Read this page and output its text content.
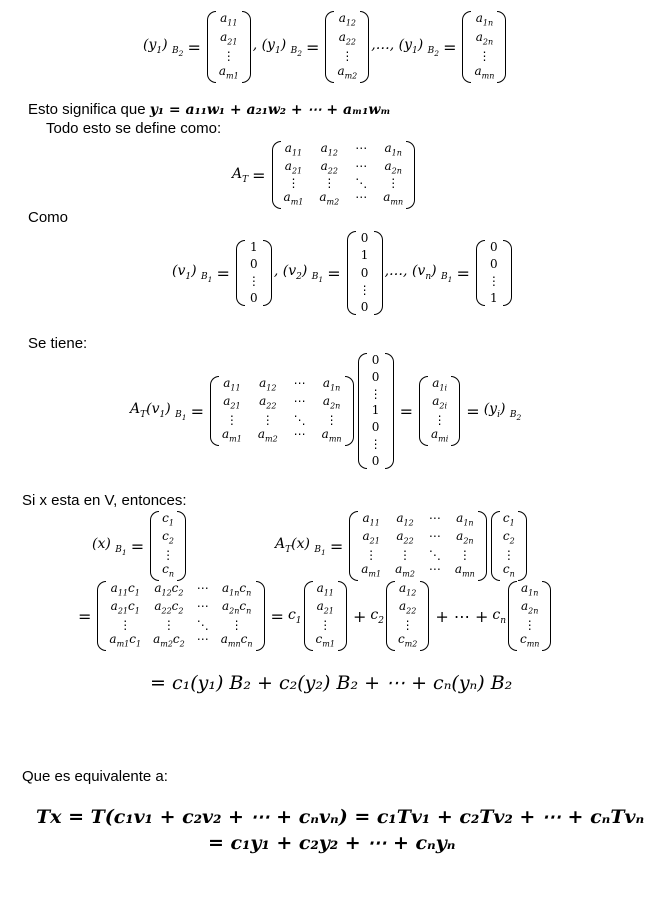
$(y_1) _{B_2}$ =
$a_{11}$
$a_{21}$
⋮
$a_{m1}$
, $(y_1) _{B_2}$ =
$a_{12}$
$a_{22}$
⋮
$a_{m2}$
,…, $(y_1) _{B_2}$ =
$a_{1n}$
$a_{2n}$
⋮
$a_{mn}$
Esto significa que y₁ = a₁₁w₁ + a₂₁w₂ + ⋯ + aₘ₁wₘ
Todo esto se define como:
$A_T$ =
$a_{11}$ $a_{12}$ ⋯ $a_{1n}$
$a_{21}$ $a_{22}$ ⋯ $a_{2n}$
⋮ ⋮ ⋱ ⋮
$a_{m1}$ $a_{m2}$ ⋯ $a_{mn}$
Como
$(v_1) _{B_1}$ =
1
0
⋮
0
, $(v_2) _{B_1}$ =
0
1
0
⋮
0
,…, $(v_n) _{B_1}$ =
0
0
⋮
1
Se tiene:
$A_T(v_1) _{B_1}$ =
$a_{11}$ $a_{12}$ ⋯ $a_{1n}$
$a_{21}$ $a_{22}$ ⋯ $a_{2n}$
⋮ ⋮ ⋱ ⋮
$a_{m1}$ $a_{m2}$ ⋯ $a_{mn}$
0
0
⋮
1
0
⋮
0
=
$a_{1i}$
$a_{2i}$
⋮
$a_{mi}$
= $(y_i)$ $_{B_2}$
Si x esta en V, entonces:
(x) $_{B_1}$ =
$c_1$
$c_2$
⋮
$c_n$
$A_T(x) _{B_1}$ =
$a_{11}$ $a_{12}$ ⋯ $a_{1n}$
$a_{21}$ $a_{22}$ ⋯ $a_{2n}$
⋮ ⋮ ⋱ ⋮
$a_{m1}$ $a_{m2}$ ⋯ $a_{mn}$
$c_1$
$c_2$
⋮
$c_n$
=
$a_{11}c_1$ $a_{12}c_2$ ⋯ $a_{1n}c_n$
$a_{21}c_1$ $a_{22}c_2$ ⋯ $a_{2n}c_n$
⋮	⋮ ⋱ ⋮
$a_{m1}c_1$ $a_{m2}c_2$ ⋯ $a_{mn}c_n$
= $c_1$
$a_{11}$
$a_{21}$
⋮
$c_{m1}$
+ $c_2$
$a_{12}$
$a_{22}$
⋮
$c_{m2}$
+ ⋯ + $c_n$
$a_{1n}$
$a_{2n}$
⋮
$c_{mn}$
= c₁(y₁) B₂ + c₂(y₂) B₂ + ⋯ + cₙ(yₙ) B₂
Que es equivalente a:
Tx = T(c₁v₁ + c₂v₂ + ⋯ + cₙvₙ) = c₁Tv₁ + c₂Tv₂ + ⋯ + cₙTvₙ
= c₁y₁ + c₂y₂ + ⋯ + cₙyₙ
